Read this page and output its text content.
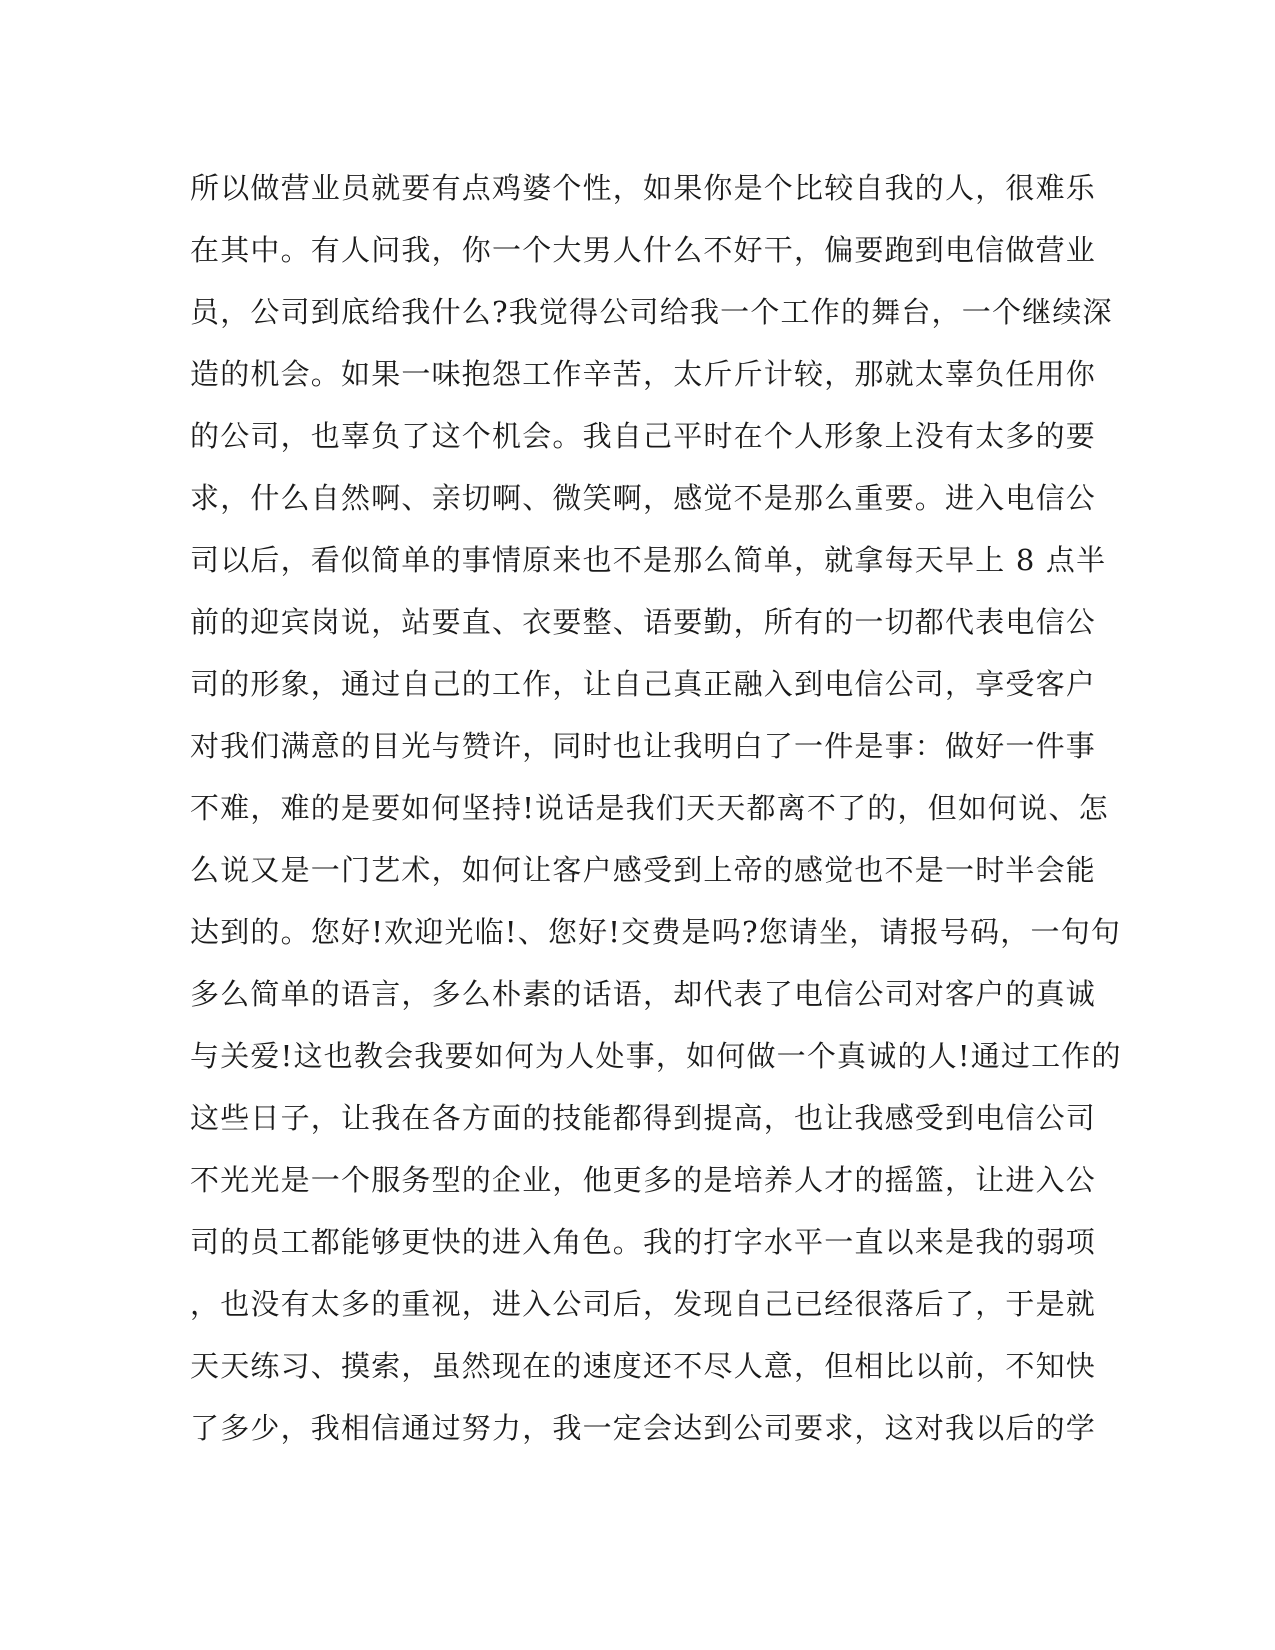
所以做营业员就要有点鸡婆个性，如果你是个比较自我的人，很难乐
在其中。有人问我，你一个大男人什么不好干，偏要跑到电信做营业
员，公司到底给我什么?我觉得公司给我一个工作的舞台，一个继续深
造的机会。如果一味抱怨工作辛苦，太斤斤计较，那就太辜负任用你
的公司，也辜负了这个机会。我自己平时在个人形象上没有太多的要
求，什么自然啊、亲切啊、微笑啊，感觉不是那么重要。进入电信公
司以后，看似简单的事情原来也不是那么简单，就拿每天早上 8 点半
前的迎宾岗说，站要直、衣要整、语要勤，所有的一切都代表电信公
司的形象，通过自己的工作，让自己真正融入到电信公司，享受客户
对我们满意的目光与赞许，同时也让我明白了一件是事：做好一件事
不难，难的是要如何坚持!说话是我们天天都离不了的，但如何说、怎
么说又是一门艺术，如何让客户感受到上帝的感觉也不是一时半会能
达到的。您好!欢迎光临!、您好!交费是吗?您请坐，请报号码，一句句
多么简单的语言，多么朴素的话语，却代表了电信公司对客户的真诚
与关爱!这也教会我要如何为人处事，如何做一个真诚的人!通过工作的
这些日子，让我在各方面的技能都得到提高，也让我感受到电信公司
不光光是一个服务型的企业，他更多的是培养人才的摇篮，让进入公
司的员工都能够更快的进入角色。我的打字水平一直以来是我的弱项
，也没有太多的重视，进入公司后，发现自己已经很落后了，于是就
天天练习、摸索，虽然现在的速度还不尽人意，但相比以前，不知快
了多少，我相信通过努力，我一定会达到公司要求，这对我以后的学
